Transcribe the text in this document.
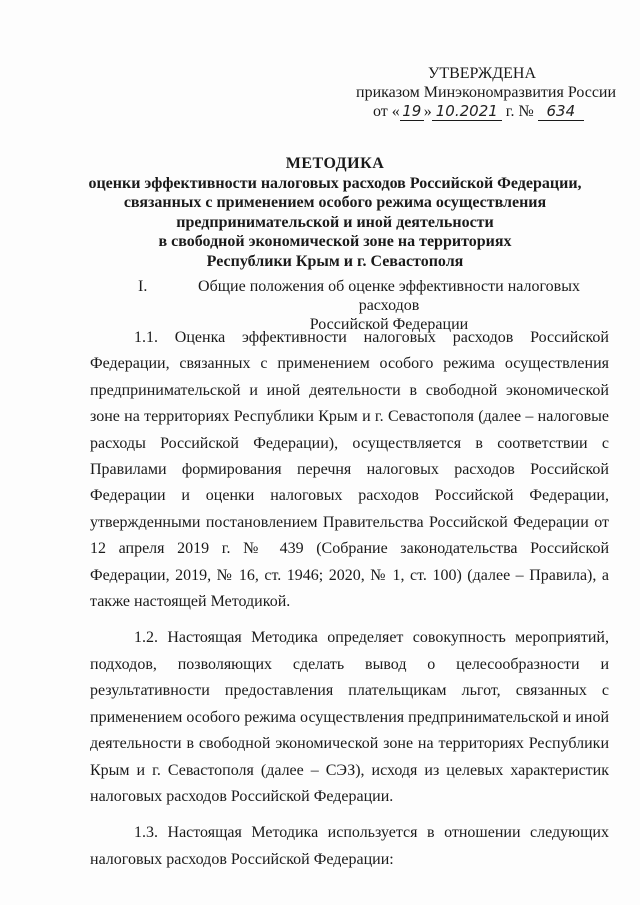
УТВЕРЖДЕНА
приказом Минэкономразвития России
от « 19 » 10.2021 г. № 634
МЕТОДИКА
оценки эффективности налоговых расходов Российской Федерации,
связанных с применением особого режима осуществления
предпринимательской и иной деятельности
в свободной экономической зоне на территориях
Республики Крым и г. Севастополя
I.	Общие положения об оценке эффективности налоговых расходов
Российской Федерации

1.1. Оценка эффективности налоговых расходов Российской Федерации, связанных с применением особого режима осуществления предпринимательской и иной деятельности в свободной экономической зоне на территориях Республики Крым и г. Севастополя (далее – налоговые расходы Российской Федерации), осуществляется в соответствии с Правилами формирования перечня налоговых расходов Российской Федерации и оценки налоговых расходов Российской Федерации, утвержденными постановлением Правительства Российской Федерации от 12 апреля 2019 г. № 439 (Собрание законодательства Российской Федерации, 2019, № 16, ст. 1946; 2020, № 1, ст. 100) (далее – Правила), а также настоящей Методикой.

1.2. Настоящая Методика определяет совокупность мероприятий, подходов, позволяющих сделать вывод о целесообразности и результативности предоставления плательщикам льгот, связанных с применением особого режима осуществления предпринимательской и иной деятельности в свободной экономической зоне на территориях Республики Крым и г. Севастополя (далее – СЭЗ), исходя из целевых характеристик налоговых расходов Российской Федерации.

1.3. Настоящая Методика используется в отношении следующих налоговых расходов Российской Федерации:
